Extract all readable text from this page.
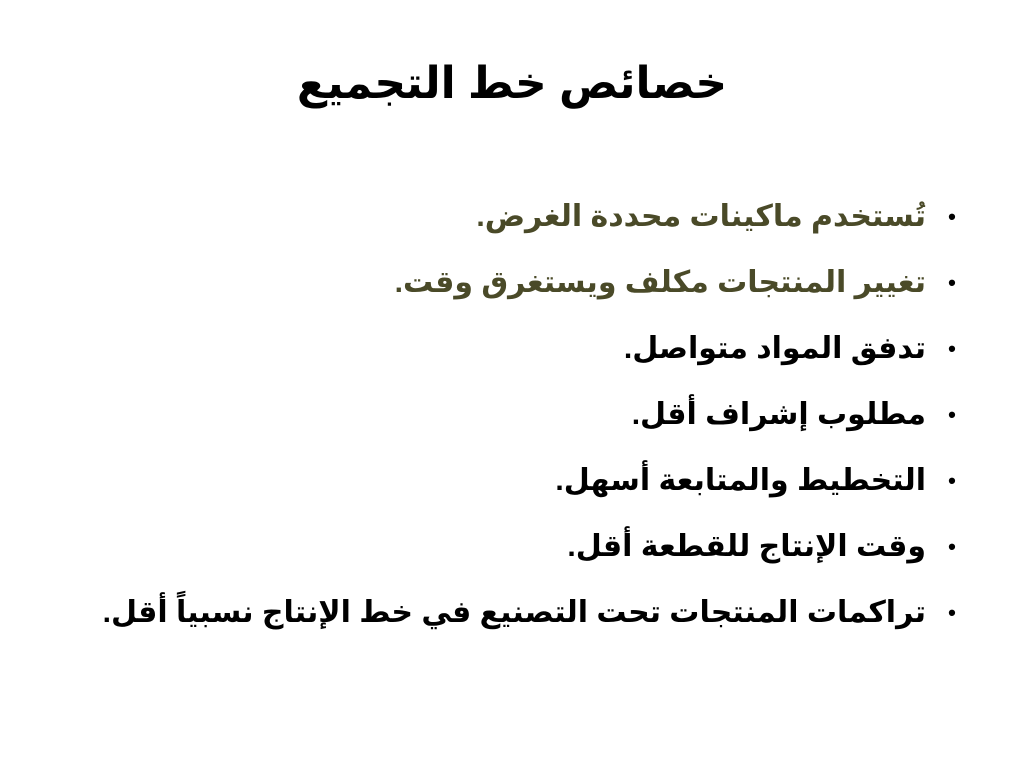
خصائص خط التجميع
•
تُستخدم ماكينات محددة الغرض.
•
تغيير المنتجات مكلف ويستغرق وقت.
•
تدفق المواد متواصل.
•
مطلوب إشراف أقل.
•
التخطيط والمتابعة أسهل.
•
وقت الإنتاج للقطعة أقل.
•
تراكمات المنتجات تحت التصنيع في خط الإنتاج نسبياً أقل.
